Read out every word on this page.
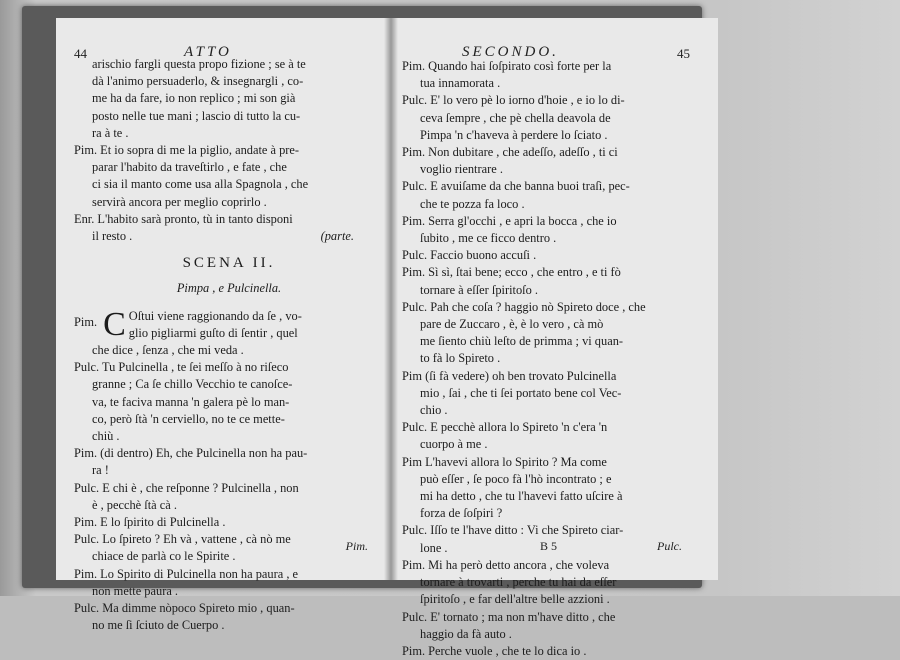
44	ATTO
arischio fargli questa propo fizione ; se à te
dà l'animo persuaderlo, & insegnargli , co-
me ha da fare, io non replico ; mi son già
posto nelle tue mani ; lascio di tutto la cu-
ra à te .
Pim. Et io sopra di me la piglio, andate à pre-
parar l'habito da traveſtirlo , e fate , che
ci sia il manto come usa alla Spagnola , che
servirà ancora per meglio coprirlo .
Enr. L'habito sarà pronto, tù in tanto disponi
il resto .	(parte.
SCENA II.
Pimpa , e Pulcinella.
Pim. C Oſtui viene raggionando da ſe , vo-
glio pigliarmi guſto di ſentir , quel
che dice , ſenza , che mi veda .
Pulc. Tu Pulcinella , te ſei meſſo à no riſeco
granne ; Ca ſe chillo Vecchio te canoſce-
va, te faciva manna 'n galera pè lo man-
co, però ſtà 'n cerviello, no te ce mette-
chiù .
Pim. (di dentro) Eh, che Pulcinella non ha pau-
ra !
Pulc. E chi è , che reſponne ? Pulcinella , non
è , pecchè ſtà cà .
Pim. E lo ſpirito di Pulcinella .
Pulc. Lo ſpireto ? Eh và , vattene , cà nò me
chiace de parlà co le Spirite .
Pim. Lo Spirito di Pulcinella non ha paura , e
non mette paura .
Pulc. Ma dimme nòpoco Spireto mio , quan-
no me ſi ſciuto de Cuerpo .
Pim.
SECONDO.	45
Pim. Quando hai ſoſpirato così forte per la
tua innamorata .
Pulc. E' lo vero pè lo iorno d'hoie , e io lo di-
ceva ſempre , che pè chella deavola de
Pimpa 'n c'haveva à perdere lo ſciato .
Pim. Non dubitare , che adeſſo, adeſſo , ti ci
voglio rientrare .
Pulc. E avuiſame da che banna buoi traſì, pec-
che te pozza fa loco .
Pim. Serra gl'occhi , e apri la bocca , che io
ſubito , me ce ficco dentro .
Pulc. Faccio buono accuſi .
Pim. Sì sì, ſtai bene; ecco , che entro , e ti fò
tornare à eſſer ſpiritoſo .
Pulc. Pah che coſa ? haggio nò Spireto doce , che
pare de Zuccaro , è, è lo vero , cà mò
me ſiento chiù leſto de primma ; vi quan-
to fà lo Spireto .
Pim (ſi fà vedere) oh ben trovato Pulcinella
mio , ſai , che ti ſei portato bene col Vec-
chio .
Pulc. E pecchè allora lo Spireto 'n c'era 'n
cuorpo à me .
Pim L'havevi allora lo Spirito ? Ma come
può eſſer , ſe poco fà l'hò incontrato ; e
mi ha detto , che tu l'havevi fatto uſcire à
forza de ſoſpiri ?
Pulc. Iſſo te l'have ditto : Vi che Spireto ciar-
lone .
Pim. Mi ha però detto ancora , che voleva
tornare à trovarti , perche tu hai da eſſer
ſpiritoſo , e far dell'altre belle azzioni .
Pulc. E' tornato ; ma non m'have ditto , che
haggio da fà auto .
Pim. Perche vuole , che te lo dica io .
B 5	Pulc.
